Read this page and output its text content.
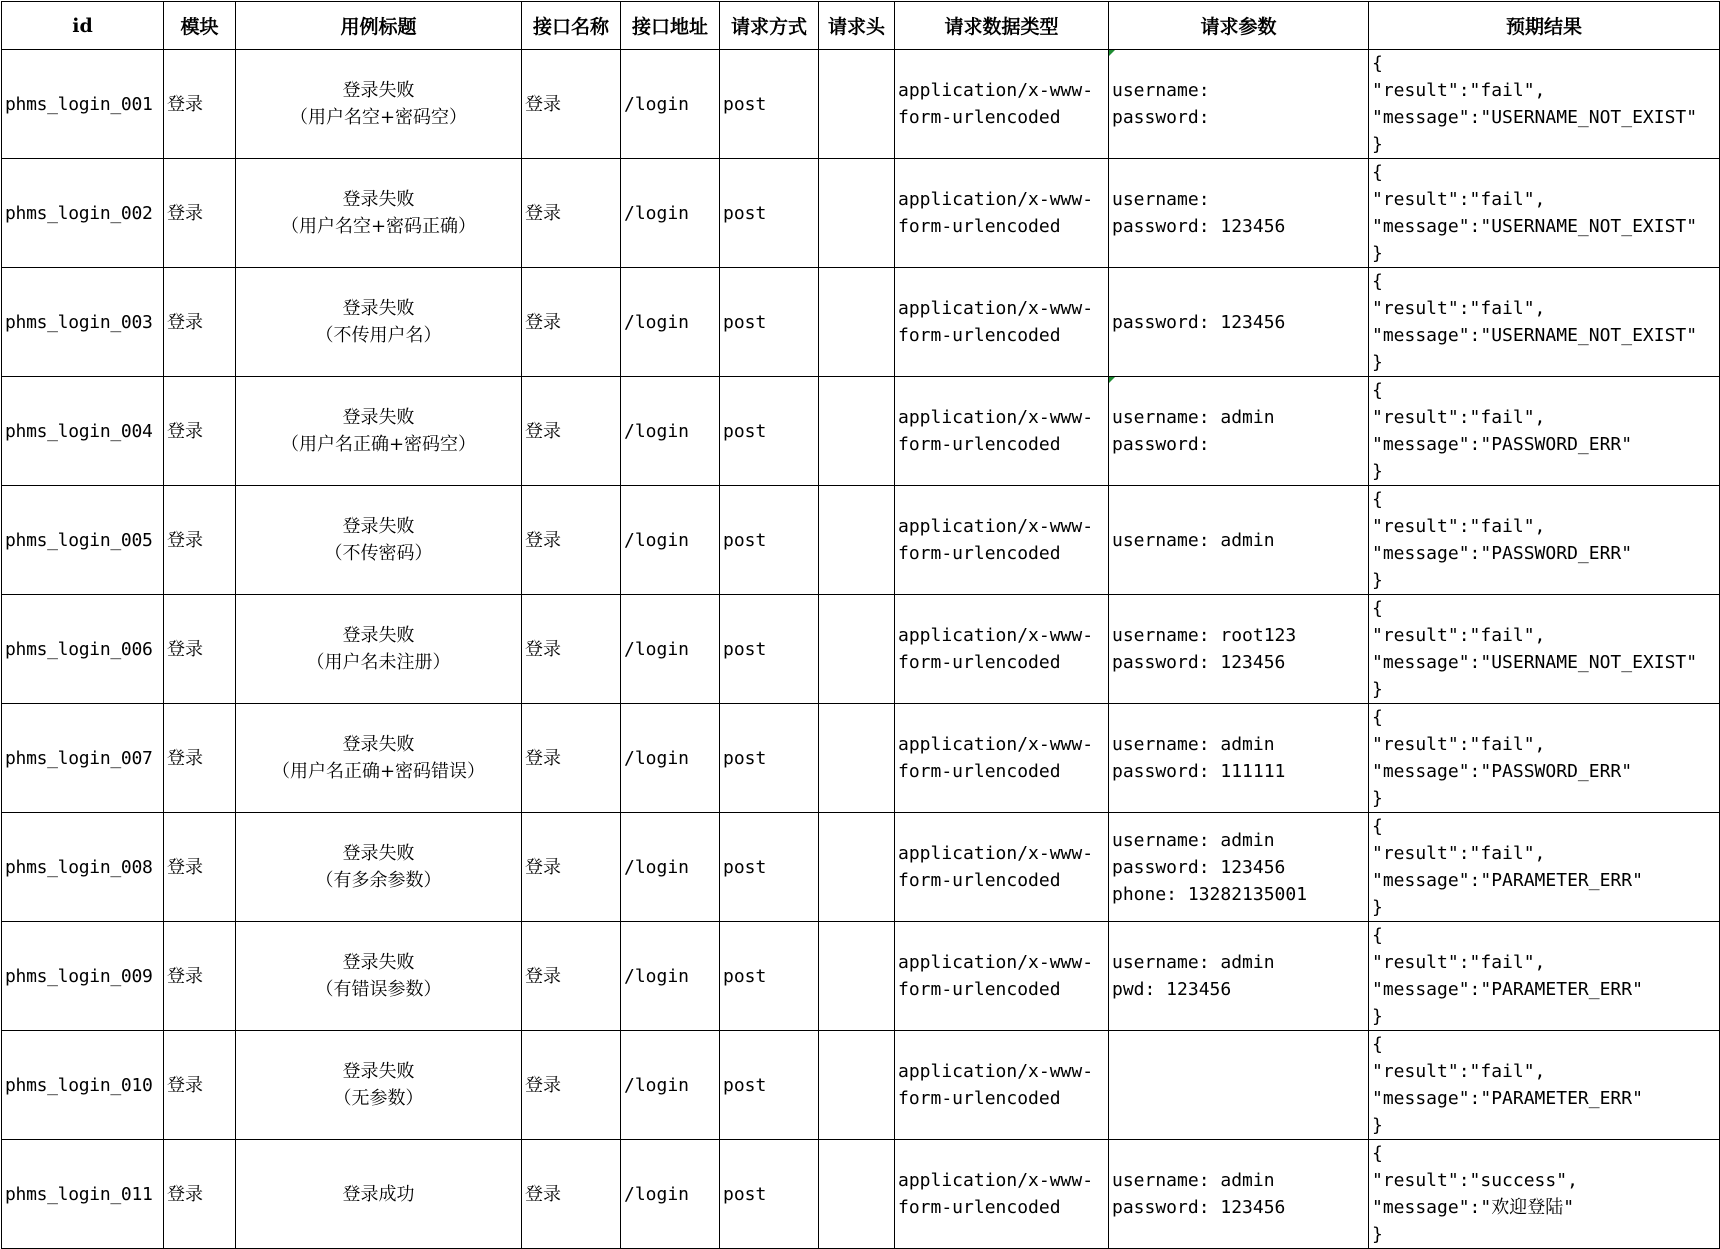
id	模块	用例标题	接口名称	接口地址	请求方式	请求头	请求数据类型	请求参数	预期结果
phms_login_001	登录	登录失败
（用户名空+密码空）	登录	/login	post		application/x-www-
form-urlencoded	username:
password:	{
"result":"fail",
"message":"USERNAME_NOT_EXIST"
}
phms_login_002	登录	登录失败
（用户名空+密码正确）	登录	/login	post		application/x-www-
form-urlencoded	username:
password: 123456	{
"result":"fail",
"message":"USERNAME_NOT_EXIST"
}
phms_login_003	登录	登录失败
（不传用户名）	登录	/login	post		application/x-www-
form-urlencoded	password: 123456	{
"result":"fail",
"message":"USERNAME_NOT_EXIST"
}
phms_login_004	登录	登录失败
（用户名正确+密码空）	登录	/login	post		application/x-www-
form-urlencoded	username: admin
password:	{
"result":"fail",
"message":"PASSWORD_ERR"
}
phms_login_005	登录	登录失败
（不传密码）	登录	/login	post		application/x-www-
form-urlencoded	username: admin	{
"result":"fail",
"message":"PASSWORD_ERR"
}
phms_login_006	登录	登录失败
（用户名未注册）	登录	/login	post		application/x-www-
form-urlencoded	username: root123
password: 123456	{
"result":"fail",
"message":"USERNAME_NOT_EXIST"
}
phms_login_007	登录	登录失败
（用户名正确+密码错误）	登录	/login	post		application/x-www-
form-urlencoded	username: admin
password: 111111	{
"result":"fail",
"message":"PASSWORD_ERR"
}
phms_login_008	登录	登录失败
（有多余参数）	登录	/login	post		application/x-www-
form-urlencoded	username: admin
password: 123456
phone: 13282135001	{
"result":"fail",
"message":"PARAMETER_ERR"
}
phms_login_009	登录	登录失败
（有错误参数）	登录	/login	post		application/x-www-
form-urlencoded	username: admin
pwd: 123456	{
"result":"fail",
"message":"PARAMETER_ERR"
}
phms_login_010	登录	登录失败
（无参数）	登录	/login	post		application/x-www-
form-urlencoded		{
"result":"fail",
"message":"PARAMETER_ERR"
}
phms_login_011	登录	登录成功	登录	/login	post		application/x-www-
form-urlencoded	username: admin
password: 123456	{
"result":"success",
"message":"欢迎登陆"
}
